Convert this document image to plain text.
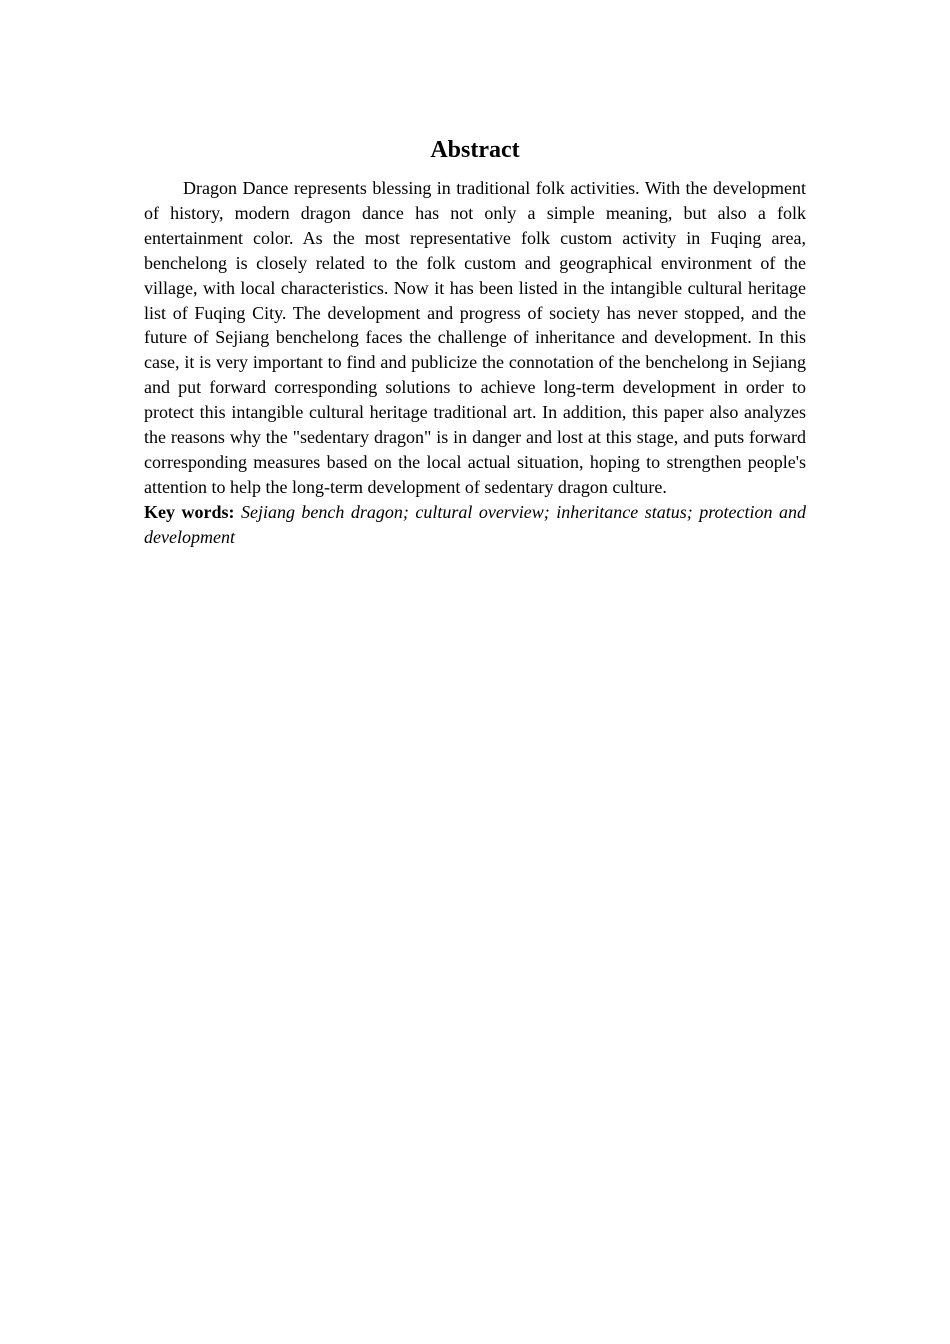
Abstract

Dragon Dance represents blessing in traditional folk activities. With the development of history, modern dragon dance has not only a simple meaning, but also a folk entertainment color. As the most representative folk custom activity in Fuqing area, benchelong is closely related to the folk custom and geographical environment of the village, with local characteristics. Now it has been listed in the intangible cultural heritage list of Fuqing City. The development and progress of society has never stopped, and the future of Sejiang benchelong faces the challenge of inheritance and development. In this case, it is very important to find and publicize the connotation of the benchelong in Sejiang and put forward corresponding solutions to achieve long-term development in order to protect this intangible cultural heritage traditional art. In addition, this paper also analyzes the reasons why the "sedentary dragon" is in danger and lost at this stage, and puts forward corresponding measures based on the local actual situation, hoping to strengthen people's attention to help the long-term development of sedentary dragon culture.

Key words: Sejiang bench dragon; cultural overview; inheritance status; protection and development
